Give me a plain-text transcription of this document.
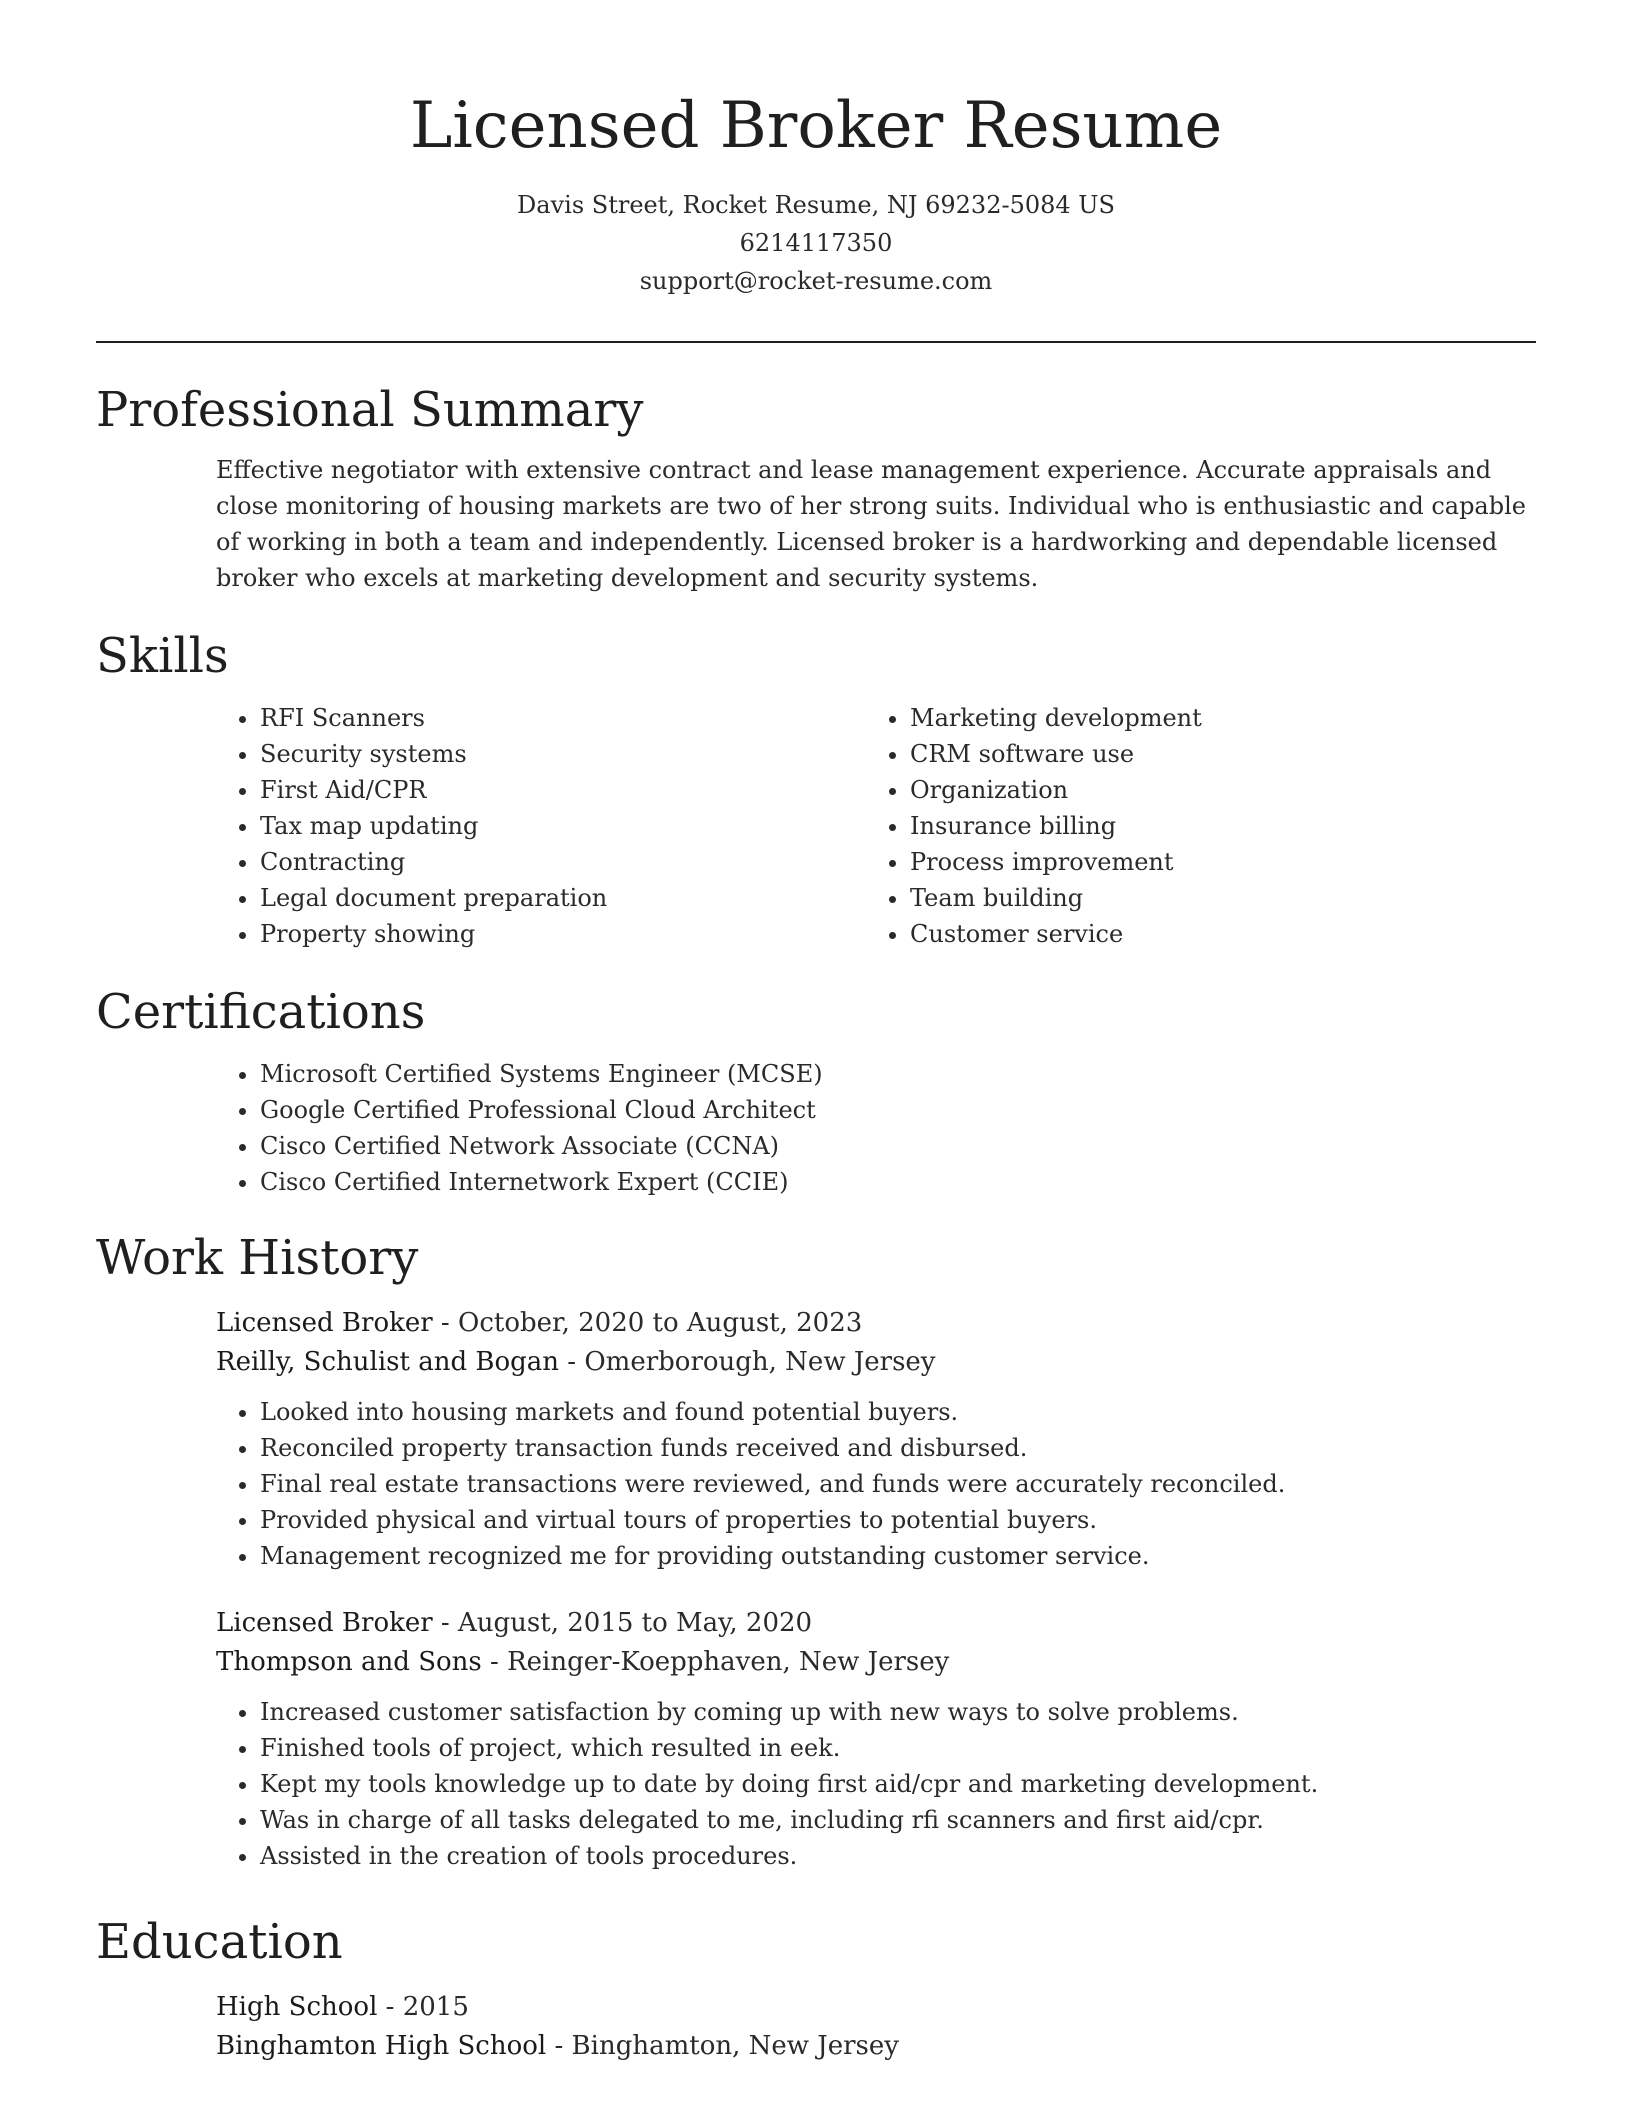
Licensed Broker Resume
Davis Street, Rocket Resume, NJ 69232-5084 US
6214117350
support@rocket-resume.com
Professional Summary

Effective negotiator with extensive contract and lease management experience. Accurate appraisals and close monitoring of housing markets are two of her strong suits. Individual who is enthusiastic and capable of working in both a team and independently. Licensed broker is a hardworking and dependable licensed broker who excels at marketing development and security systems.

Skills
• RFI Scanners
• Security systems
• First Aid/CPR
• Tax map updating
• Contracting
• Legal document preparation
• Property showing
• Marketing development
• CRM software use
• Organization
• Insurance billing
• Process improvement
• Team building
• Customer service
Certifications
• Microsoft Certified Systems Engineer (MCSE)
• Google Certified Professional Cloud Architect
• Cisco Certified Network Associate (CCNA)
• Cisco Certified Internetwork Expert (CCIE)
Work History
Licensed Broker - October, 2020 to August, 2023
Reilly, Schulist and Bogan - Omerborough, New Jersey
• Looked into housing markets and found potential buyers.
• Reconciled property transaction funds received and disbursed.
• Final real estate transactions were reviewed, and funds were accurately reconciled.
• Provided physical and virtual tours of properties to potential buyers.
• Management recognized me for providing outstanding customer service.
Licensed Broker - August, 2015 to May, 2020
Thompson and Sons - Reinger-Koepphaven, New Jersey
• Increased customer satisfaction by coming up with new ways to solve problems.
• Finished tools of project, which resulted in eek.
• Kept my tools knowledge up to date by doing first aid/cpr and marketing development.
• Was in charge of all tasks delegated to me, including rfi scanners and first aid/cpr.
• Assisted in the creation of tools procedures.
Education
High School - 2015
Binghamton High School - Binghamton, New Jersey
